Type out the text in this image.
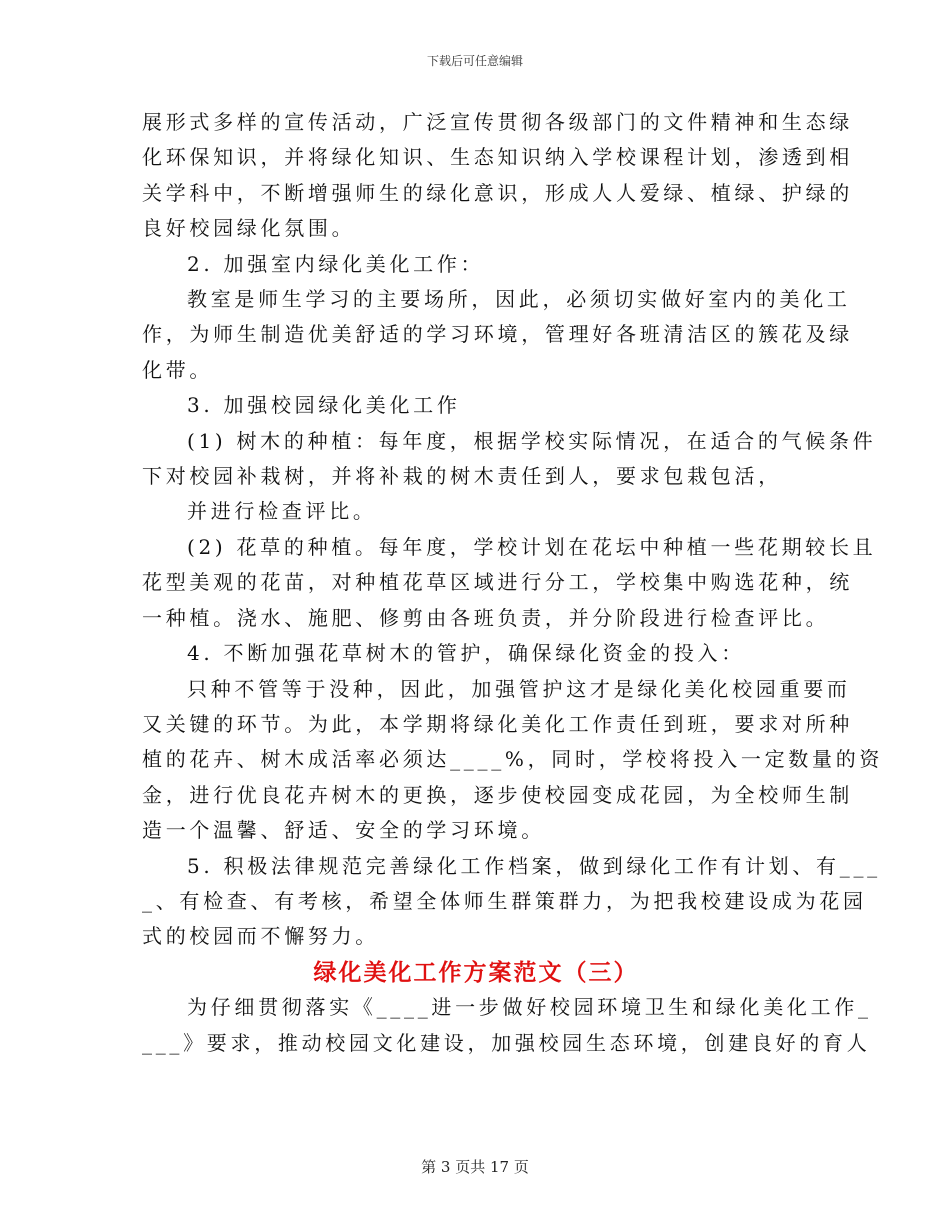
下载后可任意编辑

展形式多样的宣传活动，广泛宣传贯彻各级部门的文件精神和生态绿

化环保知识，并将绿化知识、生态知识纳入学校课程计划，渗透到相

关学科中，不断增强师生的绿化意识，形成人人爱绿、植绿、护绿的

良好校园绿化氛围。

2. 加强室内绿化美化工作：

教室是师生学习的主要场所，因此，必须切实做好室内的美化工

作，为师生制造优美舒适的学习环境，管理好各班清洁区的簇花及绿

化带。

3. 加强校园绿化美化工作

(1) 树木的种植：每年度，根据学校实际情况，在适合的气候条件

下对校园补栽树，并将补栽的树木责任到人，要求包栽包活，

并进行检查评比。

(2) 花草的种植。每年度，学校计划在花坛中种植一些花期较长且

花型美观的花苗，对种植花草区域进行分工，学校集中购选花种，统

一种植。浇水、施肥、修剪由各班负责，并分阶段进行检查评比。

4. 不断加强花草树木的管护，确保绿化资金的投入：

只种不管等于没种，因此，加强管护这才是绿化美化校园重要而

又关键的环节。为此，本学期将绿化美化工作责任到班，要求对所种

植的花卉、树木成活率必须达____%，同时，学校将投入一定数量的资

金，进行优良花卉树木的更换，逐步使校园变成花园，为全校师生制

造一个温馨、舒适、安全的学习环境。

5. 积极法律规范完善绿化工作档案，做到绿化工作有计划、有___

_、有检查、有考核，希望全体师生群策群力，为把我校建设成为花园

式的校园而不懈努力。

绿化美化工作方案范文（三）

为仔细贯彻落实《____进一步做好校园环境卫生和绿化美化工作_

___》要求，推动校园文化建设，加强校园生态环境，创建良好的育人

第 3 页共 17 页
